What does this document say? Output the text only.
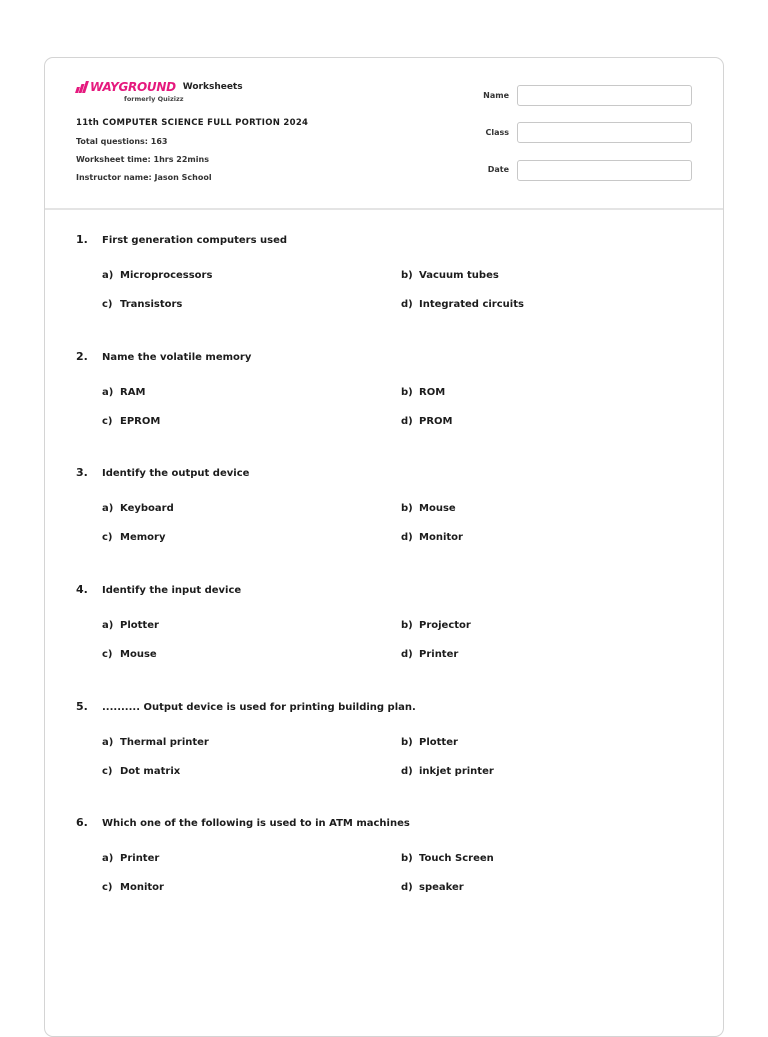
WAYGROUND Worksheets
formerly Quizizz
11th COMPUTER SCIENCE FULL PORTION 2024
Total questions: 163
Worksheet time: 1hrs 22mins
Instructor name: Jason School
Name
Class
Date
1.	First generation computers used
a) Microprocessors	b) Vacuum tubes
c) Transistors	d) Integrated circuits
2.	Name the volatile memory
a) RAM	b) ROM
c) EPROM	d) PROM
3.	Identify the output device
a) Keyboard	b) Mouse
c) Memory	d) Monitor
4.	Identify the input device
a) Plotter	b) Projector
c) Mouse	d) Printer
5.	.......... Output device is used for printing building plan.
a) Thermal printer	b) Plotter
c) Dot matrix	d) inkjet printer
6.	Which one of the following is used to in ATM machines
a) Printer	b) Touch Screen
c) Monitor	d) speaker
